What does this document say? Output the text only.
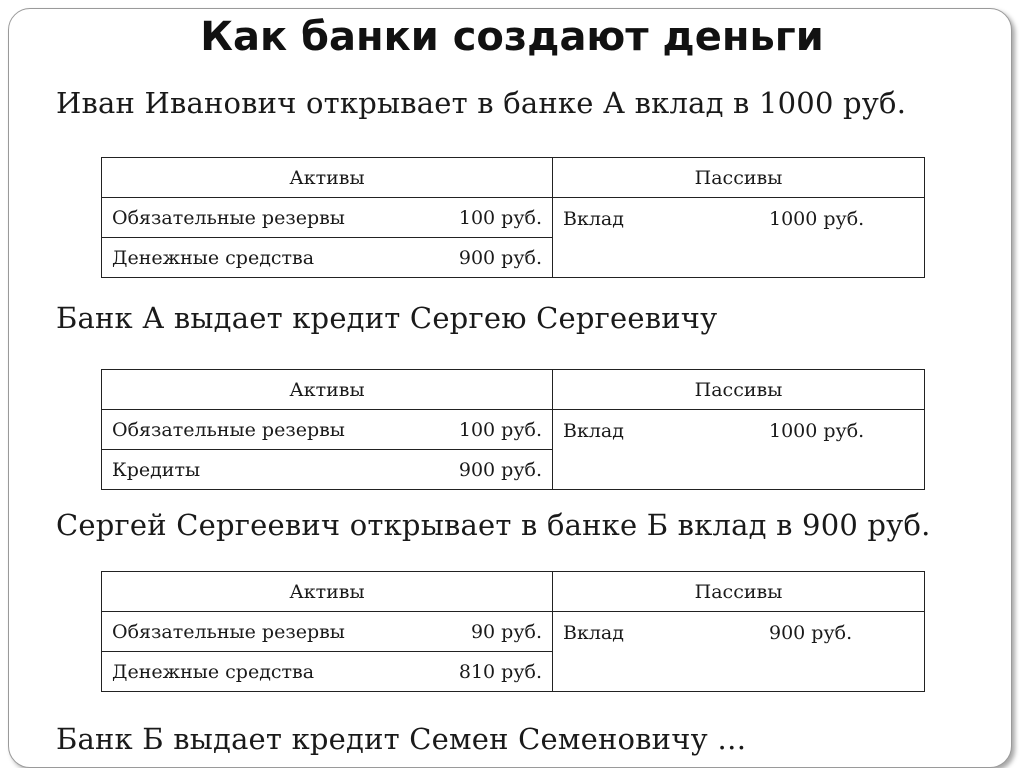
Как банки создают деньги
Иван Иванович открывает в банке А вклад в 1000 руб.
Активы	Пассивы

Обязательные резервы 100 руб.	Вклад 1000 руб.

Денежные средства 900 руб.	
Банк А выдает кредит Сергею Сергеевичу
Активы	Пассивы

Обязательные резервы 100 руб.	Вклад 1000 руб.

Кредиты 900 руб.	
Сергей Сергеевич открывает в банке Б вклад в 900 руб.
Активы	Пассивы

Обязательные резервы 90 руб.	Вклад 900 руб.

Денежные средства 810 руб.	
Банк Б выдает кредит Семен Семеновичу …
